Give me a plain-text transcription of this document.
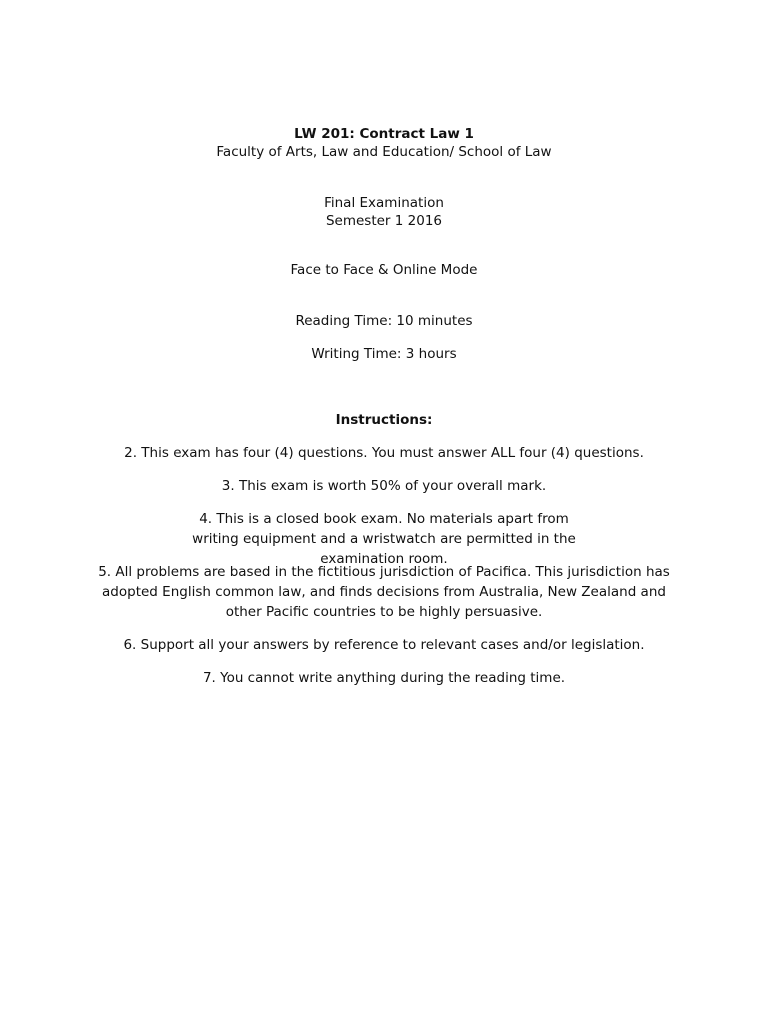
LW 201: Contract Law 1
Faculty of Arts, Law and Education/ School of Law
Final Examination
Semester 1 2016
Face to Face & Online Mode
Reading Time: 10 minutes
Writing Time: 3 hours
Instructions:
2. This exam has four (4) questions. You must answer ALL four (4) questions.
3. This exam is worth 50% of your overall mark.
4. This is a closed book exam. No materials apart from writing equipment and a wristwatch are permitted in the examination room.
5. All problems are based in the fictitious jurisdiction of Pacifica. This jurisdiction has adopted English common law, and finds decisions from Australia, New Zealand and other Pacific countries to be highly persuasive.
6. Support all your answers by reference to relevant cases and/or legislation.
7. You cannot write anything during the reading time.
